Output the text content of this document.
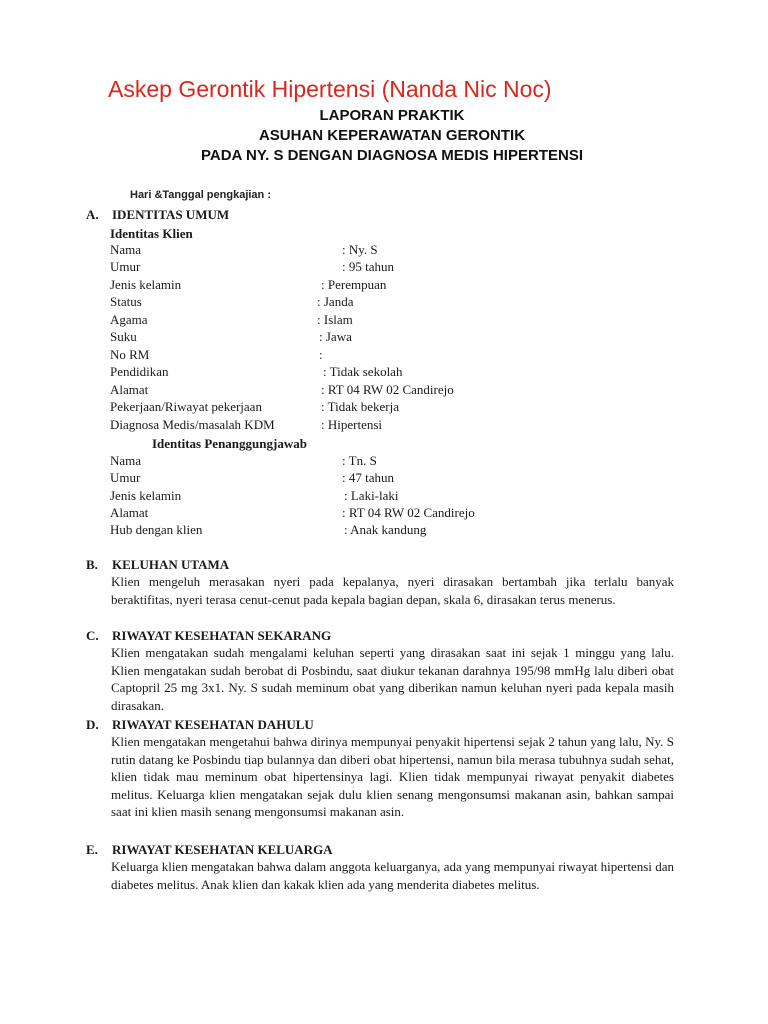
Askep Gerontik Hipertensi (Nanda Nic Noc)
LAPORAN PRAKTIK
ASUHAN KEPERAWATAN GERONTIK
PADA NY. S DENGAN DIAGNOSA MEDIS HIPERTENSI
Hari &Tanggal pengkajian :
A. IDENTITAS UMUM
Identitas Klien
Nama	: Ny. S
Umur	: 95 tahun
Jenis kelamin	: Perempuan
Status	: Janda
Agama	: Islam
Suku	: Jawa
No RM	:
Pendidikan	: Tidak sekolah
Alamat	: RT 04 RW 02 Candirejo
Pekerjaan/Riwayat pekerjaan	: Tidak bekerja
Diagnosa Medis/masalah KDM	: Hipertensi
Identitas Penanggungjawab
Nama	: Tn. S
Umur	: 47 tahun
Jenis kelamin	: Laki-laki
Alamat	: RT 04 RW 02 Candirejo
Hub dengan klien	: Anak kandung
B. KELUHAN UTAMA

Klien mengeluh merasakan nyeri pada kepalanya, nyeri dirasakan bertambah jika terlalu banyak beraktifitas, nyeri terasa cenut-cenut pada kepala bagian depan, skala 6, dirasakan terus menerus.

C. RIWAYAT KESEHATAN SEKARANG

Klien mengatakan sudah mengalami keluhan seperti yang dirasakan saat ini sejak 1 minggu yang lalu. Klien mengatakan sudah berobat di Posbindu, saat diukur tekanan darahnya 195/98 mmHg lalu diberi obat Captopril 25 mg 3x1. Ny. S sudah meminum obat yang diberikan namun keluhan nyeri pada kepala masih dirasakan.

D. RIWAYAT KESEHATAN DAHULU

Klien mengatakan mengetahui bahwa dirinya mempunyai penyakit hipertensi sejak 2 tahun yang lalu, Ny. S rutin datang ke Posbindu tiap bulannya dan diberi obat hipertensi, namun bila merasa tubuhnya sudah sehat, klien tidak mau meminum obat hipertensinya lagi. Klien tidak mempunyai riwayat penyakit diabetes melitus. Keluarga klien mengatakan sejak dulu klien senang mengonsumsi makanan asin, bahkan sampai saat ini klien masih senang mengonsumsi makanan asin.

E. RIWAYAT KESEHATAN KELUARGA

Keluarga klien mengatakan bahwa dalam anggota keluarganya, ada yang mempunyai riwayat hipertensi dan diabetes melitus. Anak klien dan kakak klien ada yang menderita diabetes melitus.
